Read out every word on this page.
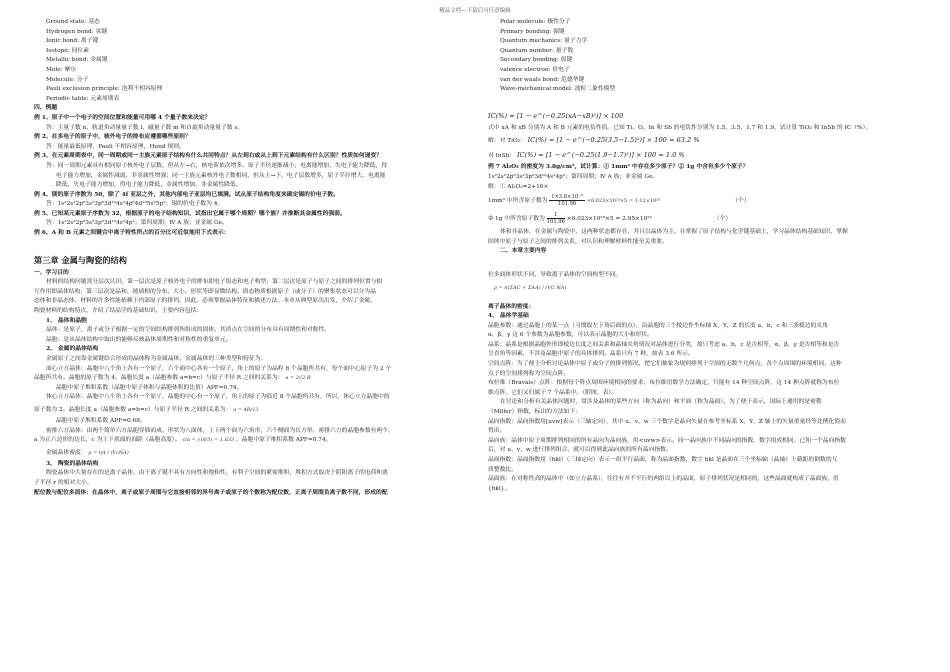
精品文档---下载后可任意编辑
Ground state: 基态
Hydrogen bond: 氢键
Ionic bond: 离子键
Isotope: 同位素
Metallic bond: 金属键
Mole: 摩尔
Molecule: 分子
Pauli exclusion principle: 泡利不相容原理
Periodic table: 元素周期表
四、例题
例 1、原子中一个电子的空间位置和能量可用哪 4 个量子数来决定？
答：主量子数 n，轨道角动量量子数 l，磁量子数 m 和自旋角动量量子数 s。
例 2、在多电子的原子中，核外电子的排布应遵循哪些原则？
答：能量最低原理，Pauli 不相容原理，Hund 规则。
例 3、在元素周期表中，同一周期或同一主族元素原子结构有什么共同特点？从左到右或从上到下元素结构有什么区别？性质如何递变？
答：同一周期元素具有相同原子核外电子层数，但从左→右，核电荷依次增多，原子半径逐渐减小，电离能增加，失电子能力降低，得
电子能力增加，金属性减弱，非金属性增强；同一主族元素核外电子数相同，但从上→下，电子层数增多，原子半径增大，电离能
降低，失电子能力增加，得电子能力降低，金属性增加，非金属性降低。
例 4、镁的原子序数为 50，除了 4f 亚层之外，其他内部电子亚层均已填满。试从原子结构角度来确定锡的价电子数。
答：1s²2s²2p⁶3s²3p⁶3d¹⁰4s²4p⁶4d¹⁰5s²5p²；锡的价电子数为 4。
例 5、已知某元素原子序数为 32，根据原子的电子结构知识，试指出它属于哪个周期？哪个族？并推断其金属性的强弱。
答：1s²2s²2p⁶3s²3p⁶3d¹⁰4s²4p²；第四周期；Ⅳ A 族；亚金属 Ge。
例 6、A 和 B 元素之间键合中离子特性所占的百分比可近似地用下式表示：
第三章 金属与陶瓷的结构
一、学习目的
材料的结构问题需分层次认识，第一层次是原子核外电子的排布即电子组态和电子构型；第二层次是原子与原子之间的排列位置与相
互作用即晶体结构；第三层次是晶和、玻璃相的分布、大小、形状等即显微结构。固态物质根据原子（或分子）的聚集状态可以分为晶
态体和非晶态体，材料的许多性能依赖于内部原子的排列。因此，必须掌握晶体特征和描述方法。本章从典型原次出发，介绍了金属、
陶瓷材料的结构特点，介绍了结晶学的基础知识，主要内容包括：
1、 晶体和晶胞
晶体：是原子，离子或分子根据一定的空间结构排列所组成的固体，其质点在空间的分布具有周期性和对称性。
晶胞：是从晶体结构中取出的能够反映晶体周期性和对称性的重复单元。
2、 金属的晶体结构
金属原子之间靠金属键结合形成的晶体称为金属晶体，金属晶体的三种类型和特征为：
面心立方晶体：晶胞中八个角上各有一个原子，六个面中心各有一个原子，角上的原子为晶粒 8 个晶胞所共有，每个面中心原子为 2 个
晶胞所共有。晶胞的原子数为 4。晶胞长度 a（晶胞参数 a=b=c）与原子半径 R 之间的关系为： a = 2√2 R
晶胞中原子堆积系数（晶胞中原子体积与晶胞体积的比值）APF=0.74。
体心立方晶体：晶胞中八个角上各有一个原子，晶胞的中心有一个原子，角上的原子为临近 8 个晶胞所共有，所以，体心立方晶胞中的
原子数为 2。晶胞长度 a（晶胞参数 a=b=c）与原子半径 R 之间的关系为： a = 4R/√3
晶胞中原子堆积系数 APF=0.68。
密排六方晶体：由两个简单六方晶胞穿插而成。形状为八面体，上下两个面为六角形，六个侧面为长方形。密排六方的晶胞参数有两个，
a 为正六边形的边长，c 为上下底面的间距（晶胞高度）。 c/a = √(8/3) = 1.633 ，晶胞中原子堆积系数 APF=0.74。
金属晶体密度： ρ = nA / (VcNA)
3、 陶瓷的晶体结构
陶瓷晶体中大量存在的是离子晶体，由于离子键不具有方向性和饱和性，有利于空间的紧密堆积，堆积方式取决于阴阳离子的电荷和离
子半径 r 的相对大小。
配位数与配位多面体：在晶体中，离子或原子周围与它直接相邻的异号离子或原子的个数称为配位数，正离子周围负离子数不同，形成的配
Polar molecule: 极性分子
Primary bonding: 强键
Quantum mechanics: 量子力学
Quantum number: 量子数
Secondary bonding: 弱键
valence electron: 价电子
van der waals bond: 范德华键
Wave-mechanical model: 波粒二象性模型
IC(%) = [1 − e^(−0.25(xA−xB)²)] × 100
式中 xA 和 xB 分别为 A 和 B 元素的电负性值。已知 Ti、O、In 和 Sb 的电负性分别为 1.5，3.5，1.7 和 1.9，试计算 TiO₂ 和 InSb 的 IC（%）。
解：对 TiO₂： IC(%) = [1 − e^(−0.25(3.5−1.5)²)] × 100 = 63.2 %
对 InSb： IC(%) = [1 − e^(−0.25(1.9−1.7)²)] × 100 = 1.0 %
例 7 Al₂O₃ 的密度为 3.8g/cm³，试计算：① 1mm³ 中存在多少原子？② 1g 中含有多少个原子？
1s²2s²2p⁶3s²3p⁶3d¹⁰4s²4p²；第四周期；Ⅳ A 族；亚金属 Ge。
解：① Al₂O₃=2+16×
1mm³ 中所含原子数为 $\frac{\text{1×3.8×10⁻³}}{101.96} \times 6.023\times 10^{23}\times 5 = 1.12\times 10^{20}$	（个）
② 1g 中所含原子数为 $\frac{1}{101.96} \times 6.023\times 10^{23}\times 5 = 2.95\times 10^{22}$	（个）
体和非晶体，在金属与陶瓷中，这两种状态都存在，并且以晶体为主。在掌握了原子结构与化学键基础上，学习晶体结构基础知识，掌握
固体中原子与原子之间的排列关系，对认识和理解材料性能至关重要。
二、本章主要内容
位多面体形状不同，导致离子晶体的空间构型不同。
ρ = n(ΣAC + ΣAA) / (VC NA)
离子晶体的密度：
4、 晶体学基础
晶胞参数：通过晶胞上的某一点（习惯取左下角后面的点），沿晶胞的三个棱边作坐标轴 X，Y，Z 的长度 a，b，c 和三条棱边的夹角
α，β，γ 这 6 个参数为晶胞参数，可以表示晶胞的大小和形状。
晶系：晶系是根据晶胞外形即棱边长度之间关系和晶轴夹角情况对晶体进行分类，故只考虑 a，b，c 是否相等，α，β，γ 是否相等和是否
呈直角等因素，不涉及晶胞中原子的具体排列。晶系只有 7 种，如表 3.6 所示。
空间点阵：为了便于分析讨论晶体中原子或分子的排列情况，把它们抽象为规则排列于空间的无数个几何点，各个点周围的环境相同，这种
点子的空间排列称为空间点阵。
布拉维（Bravais）点阵：根据每个阵点周围环境相同的要求，布拉维用数学方法确定，只能有 14 种空间点阵，这 14 种点阵就称为布拉
维点阵，它们又归属于 7 个晶系中。（附图，表）。
在讨论和分析有关晶体问题时，常涉及晶体的某些方向（称为晶向）和平面（称为晶面）。为了便于表示，国际上通用的是密勒
（Miller）指数，标出的方法如下：
晶向指数：晶向指数用[uvw]表示（三轴定向），其中 u、v、w 三个数字是晶向矢量在参考坐标系 X，Y，Z 轴上的矢量重量经等比例化简而
得出。
晶向族：晶体中原子周期排列相同的所有晶向为晶向族，用<uvw>表示。同一晶向族中不同晶向的指数，数字组成相同。已知一个晶向指数
后，对 u、v、w 进行排列组合，就可以得到此晶向族的所有晶向指数。
晶面指数：晶面指数用（hkl）（三轴定向）表示一组平行晶面，称为晶面指数，数字 hkl 是晶面在三个坐标轴（晶轴）上截距的倒数的互
质整数比。
晶面族：在对称性高的晶体中（如立方晶系），往往有并不平行的两组以上的晶面，原子排列状况是相同的，这些晶面就构成了晶面族，用
{hkl}。
